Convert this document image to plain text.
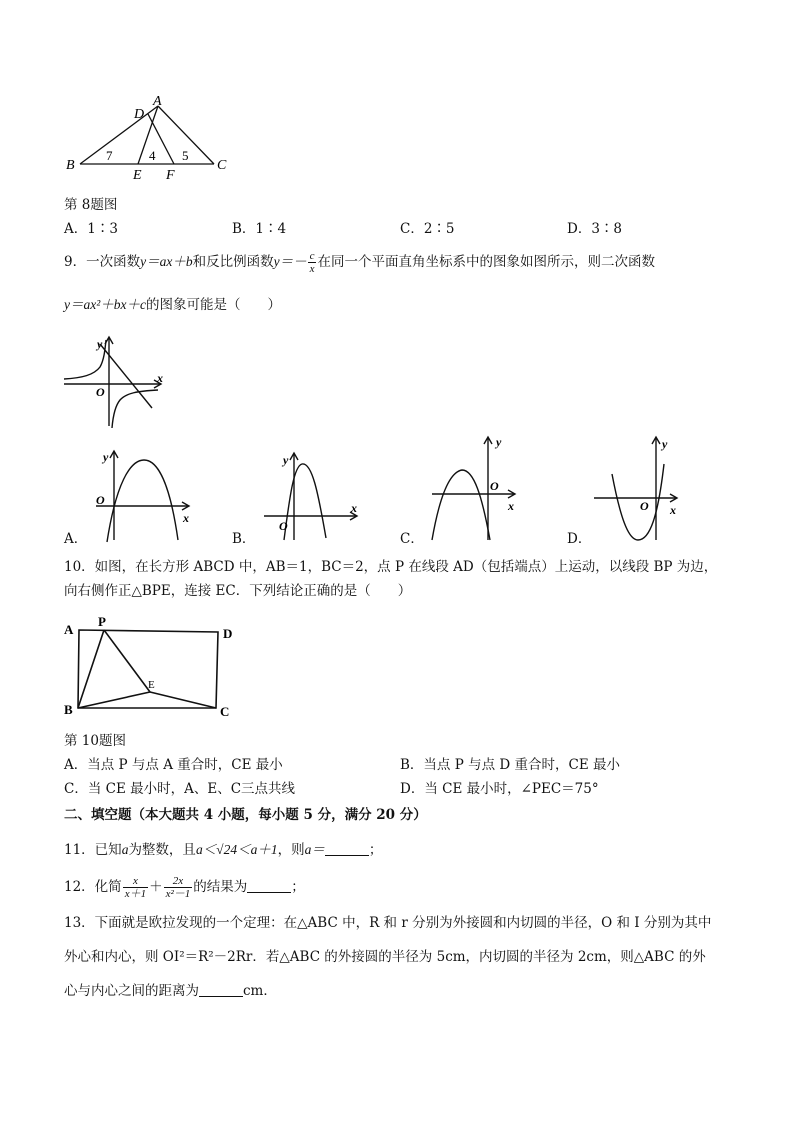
A
D
B	C
E F
7	4 5
第 8题图
A．1∶3	B．1∶4	C．2∶5	D．3∶8
9．一次函数y＝ax＋b和反比例函数$y=- \frac{c}{x}$ 在同一个平面直角坐标系中的图象如图所示，则二次函数
y＝ax²＋bx＋c的图象可能是（　　）
y
x
O
y
x
O
A．
y
x
O
B．
y
x
O
C．
y
x
O
D．
10．如图，在长方形 ABCD 中，AB＝1，BC＝2，点 P 在线段 AD（包括端点）上运动，以线段 BP 为边，
向右侧作正△BPE，连接 EC．下列结论正确的是（　　）
A
P
D
B	C
E
第 10题图
A．当点 P 与点 A 重合时，CE 最小	B．当点 P 与点 D 重合时，CE 最小
C．当 CE 最小时，A、E、C三点共线	D．当 CE 最小时，∠PEC＝75°
二、填空题（本大题共 4 小题，每小题 5 分，满分 20 分）
11．已知a为整数，且a＜√24＜a＋1，则a＝	；
12．化简 $\frac{x}{x+1} + \frac{2x}{\text{x²－1}}$ 的结果为	；
13．下面就是欧拉发现的一个定理：在△ABC 中，R 和 r 分别为外接圆和内切圆的半径，O 和 I 分别为其中
外心和内心，则 OI²＝R²－2Rr．若△ABC 的外接圆的半径为 5cm，内切圆的半径为 2cm，则△ABC 的外
心与内心之间的距离为	cm．
